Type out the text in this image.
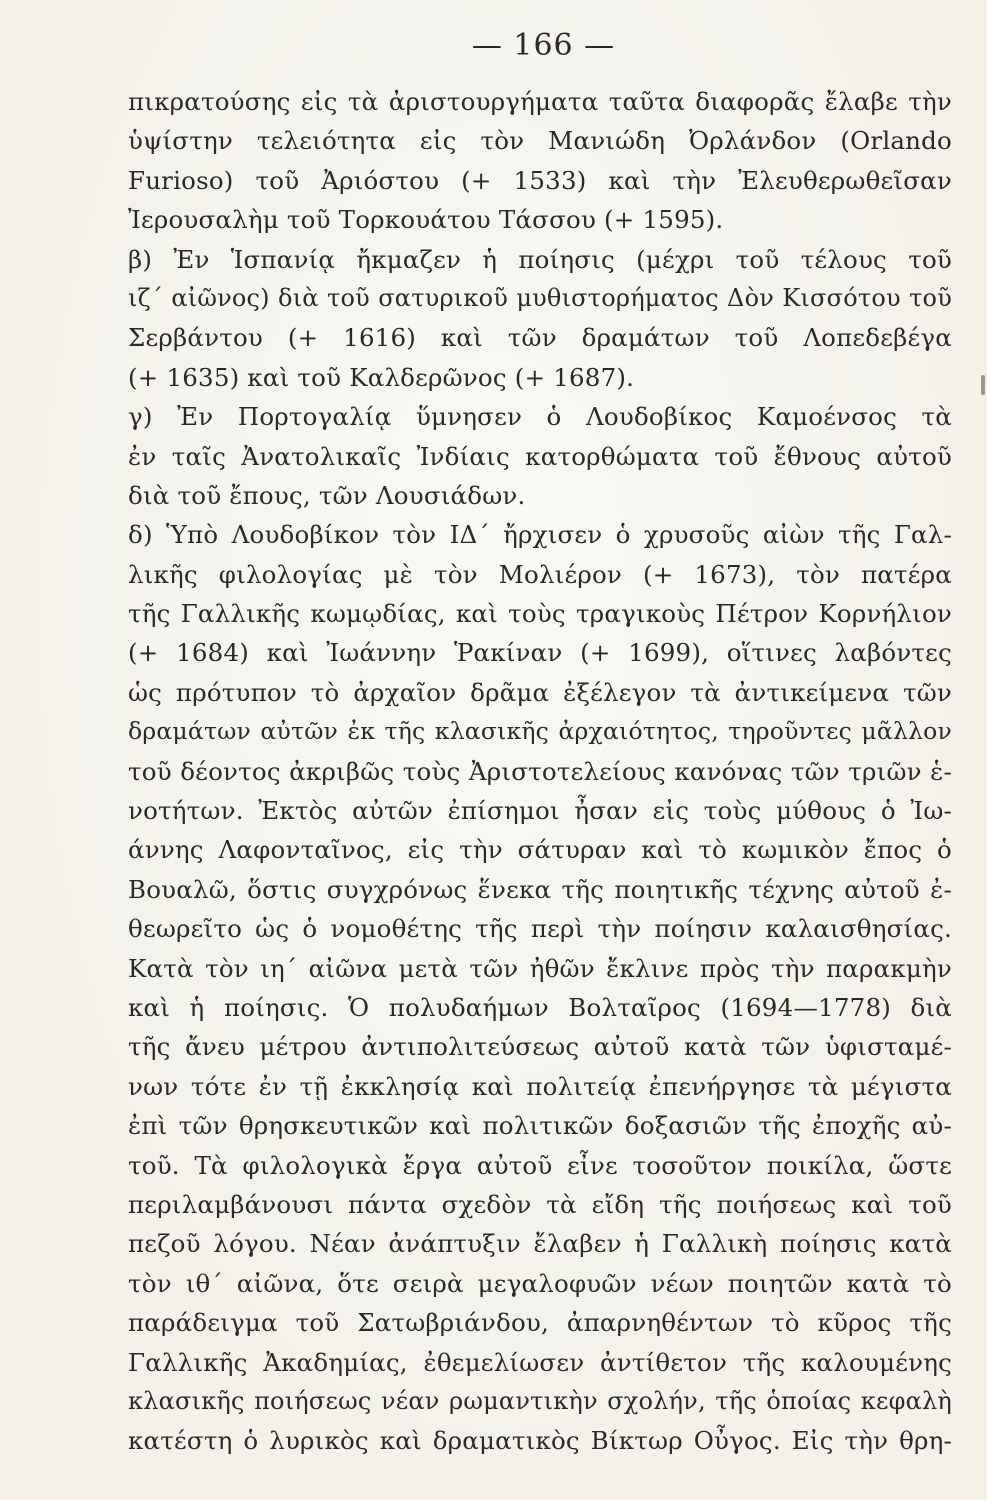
— 166 —
πικρατούσης εἰς τὰ ἀριστουργήματα ταῦτα διαφορᾶς ἔλαβε τὴν
ὑψίστην τελειότητα εἰς τὸν Μανιώδη Ὀρλάνδον (Orlando
Furioso) τοῦ Ἀριόστου (+ 1533) καὶ τὴν Ἐλευθερωθεῖσαν
Ἰερουσαλὴμ τοῦ Τορκουάτου Τάσσου (+ 1595).
β) Ἐν Ἱσπανίᾳ ἤκμαζεν ἡ ποίησις (μέχρι τοῦ τέλους τοῦ
ιζ΄ αἰῶνος) διὰ τοῦ σατυρικοῦ μυθιστορήματος Δὸν Κισσότου τοῦ
Σερβάντου (+ 1616) καὶ τῶν δραμάτων τοῦ Λοπεδεβέγα
(+ 1635) καὶ τοῦ Καλδερῶνος (+ 1687).
γ) Ἐν Πορτογαλίᾳ ὕμνησεν ὁ Λουδοβίκος Καμοένσος τὰ
ἐν ταῖς Ἀνατολικαῖς Ἰνδίαις κατορθώματα τοῦ ἔθνους αὐτοῦ
διὰ τοῦ ἔπους, τῶν Λουσιάδων.
δ) Ὑπὸ Λουδοβίκον τὸν ΙΔ΄ ἤρχισεν ὁ χρυσοῦς αἰὼν τῆς Γαλ-
λικῆς φιλολογίας μὲ τὸν Μολιέρον (+ 1673), τὸν πατέρα
τῆς Γαλλικῆς κωμῳδίας, καὶ τοὺς τραγικοὺς Πέτρον Κορνήλιον
(+ 1684) καὶ Ἰωάννην Ῥακίναν (+ 1699), οἵτινες λαβόντες
ὡς πρότυπον τὸ ἀρχαῖον δρᾶμα ἐξέλεγον τὰ ἀντικείμενα τῶν
δραμάτων αὐτῶν ἐκ τῆς κλασικῆς ἀρχαιότητος, τηροῦντες μᾶλλον
τοῦ δέοντος ἀκριβῶς τοὺς Ἀριστοτελείους κανόνας τῶν τριῶν ἑ-
νοτήτων. Ἐκτὸς αὐτῶν ἐπίσημοι ἦσαν εἰς τοὺς μύθους ὁ Ἰω-
άννης Λαφονταῖνος, εἰς τὴν σάτυραν καὶ τὸ κωμικὸν ἔπος ὁ
Βουαλῶ, ὅστις συγχρόνως ἕνεκα τῆς ποιητικῆς τέχνης αὐτοῦ ἐ-
θεωρεῖτο ὡς ὁ νομοθέτης τῆς περὶ τὴν ποίησιν καλαισθησίας.
Κατὰ τὸν ιη΄ αἰῶνα μετὰ τῶν ἠθῶν ἔκλινε πρὸς τὴν παρακμὴν
καὶ ἡ ποίησις. Ὁ πολυδαήμων Βολταῖρος (1694—1778) διὰ
τῆς ἄνευ μέτρου ἀντιπολιτεύσεως αὐτοῦ κατὰ τῶν ὑφισταμέ-
νων τότε ἐν τῇ ἐκκλησίᾳ καὶ πολιτείᾳ ἐπενήργησε τὰ μέγιστα
ἐπὶ τῶν θρησκευτικῶν καὶ πολιτικῶν δοξασιῶν τῆς ἐποχῆς αὐ-
τοῦ. Τὰ φιλολογικὰ ἔργα αὐτοῦ εἶνε τοσοῦτον ποικίλα, ὥστε
περιλαμβάνουσι πάντα σχεδὸν τὰ εἴδη τῆς ποιήσεως καὶ τοῦ
πεζοῦ λόγου. Νέαν ἀνάπτυξιν ἔλαβεν ἡ Γαλλικὴ ποίησις κατὰ
τὸν ιθ΄ αἰῶνα, ὅτε σειρὰ μεγαλοφυῶν νέων ποιητῶν κατὰ τὸ
παράδειγμα τοῦ Σατωβριάνδου, ἀπαρνηθέντων τὸ κῦρος τῆς
Γαλλικῆς Ἀκαδημίας, ἐθεμελίωσεν ἀντίθετον τῆς καλουμένης
κλασικῆς ποιήσεως νέαν ρωμαντικὴν σχολήν, τῆς ὁποίας κεφαλὴ
κατέστη ὁ λυρικὸς καὶ δραματικὸς Βίκτωρ Οὖγος. Εἰς τὴν θρη-
